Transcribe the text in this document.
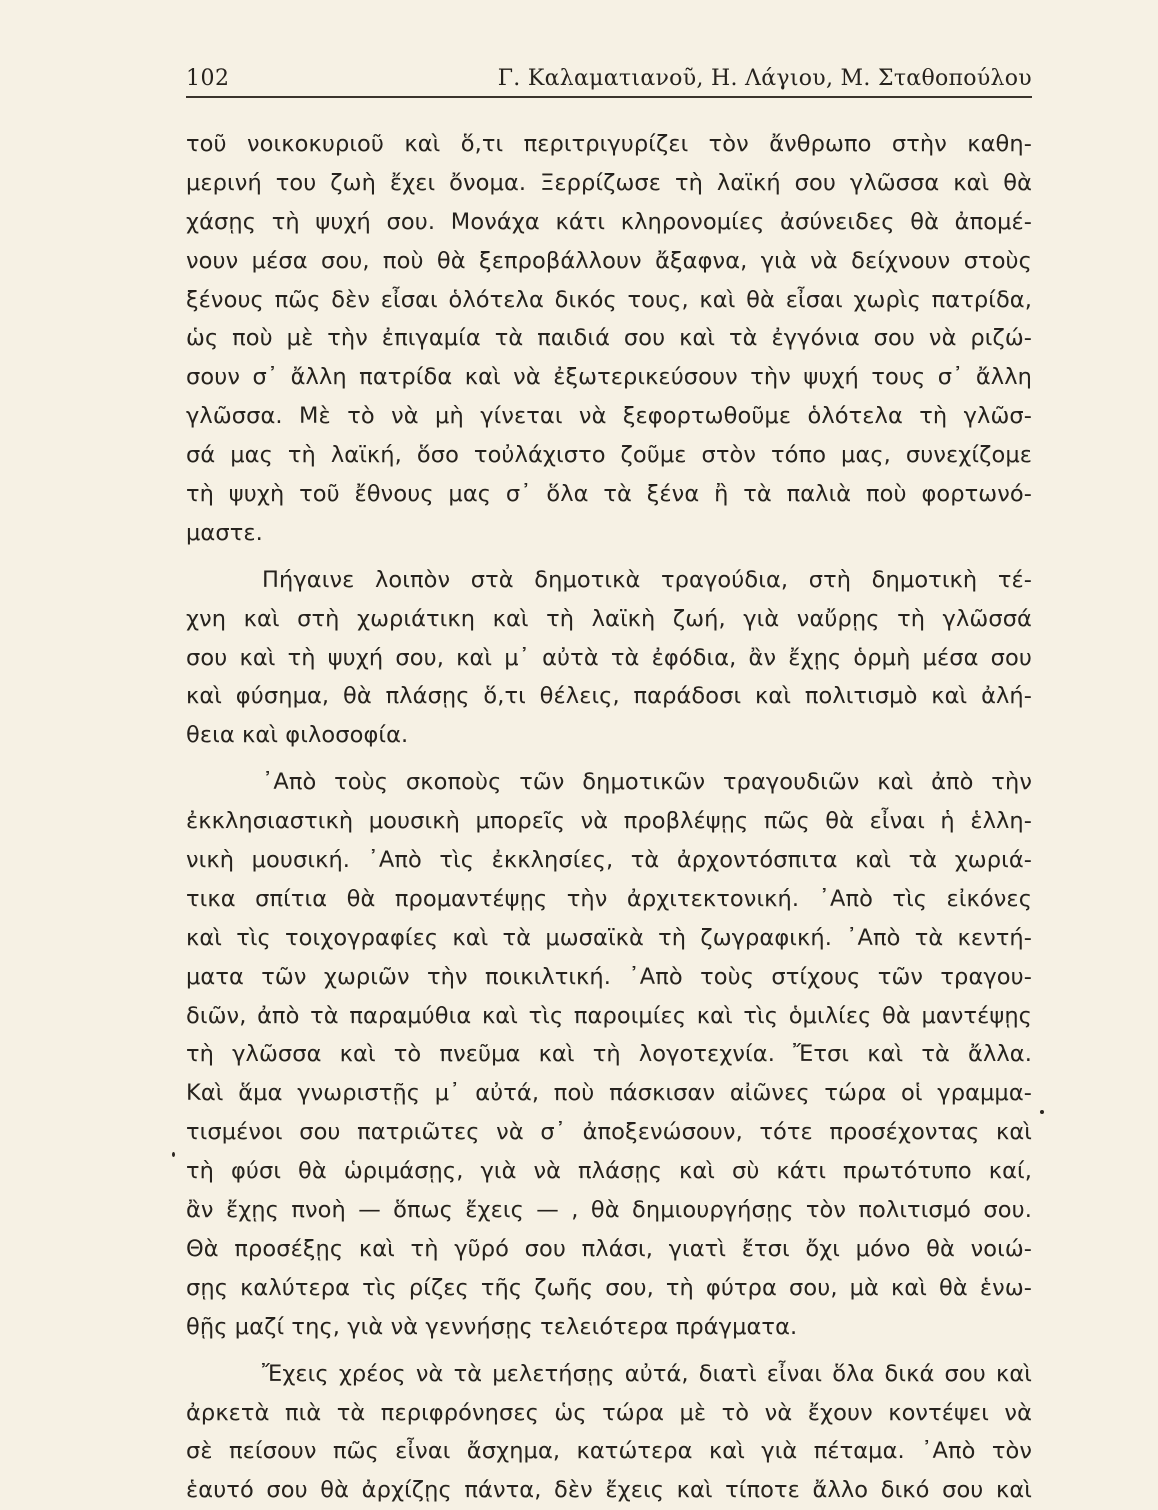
102	Γ. Καλαματιανοῦ, Η. Λάγιου, Μ. Σταθοπούλου
τοῦ νοικοκυριοῦ καὶ ὅ,τι περιτριγυρίζει τὸν ἄνθρωπο στὴν καθη-
μερινή του ζωὴ ἔχει ὄνομα. Ξερρίζωσε τὴ λαϊκή σου γλῶσσα καὶ θὰ
χάσῃς τὴ ψυχή σου. Μονάχα κάτι κληρονομίες ἀσύνειδες θὰ ἀπομέ-
νουν μέσα σου, ποὺ θὰ ξεπροβάλλουν ἄξαφνα, γιὰ νὰ δείχνουν στοὺς
ξένους πῶς δὲν εἶσαι ὁλότελα δικός τους, καὶ θὰ εἶσαι χωρὶς πατρίδα,
ὡς ποὺ μὲ τὴν ἐπιγαμία τὰ παιδιά σου καὶ τὰ ἐγγόνια σου νὰ ριζώ-
σουν σ᾿ ἄλλη πατρίδα καὶ νὰ ἐξωτερικεύσουν τὴν ψυχή τους σ᾿ ἄλλη
γλῶσσα. Μὲ τὸ νὰ μὴ γίνεται νὰ ξεφορτωθοῦμε ὁλότελα τὴ γλῶσ-
σά μας τὴ λαϊκή, ὅσο τοὐλάχιστο ζοῦμε στὸν τόπο μας, συνεχίζομε
τὴ ψυχὴ τοῦ ἔθνους μας σ᾿ ὅλα τὰ ξένα ἢ τὰ παλιὰ ποὺ φορτωνό-
μαστε.
Πήγαινε λοιπὸν στὰ δημοτικὰ τραγούδια, στὴ δημοτικὴ τέ-
χνη καὶ στὴ χωριάτικη καὶ τὴ λαϊκὴ ζωή, γιὰ ναὔρῃς τὴ γλῶσσά
σου καὶ τὴ ψυχή σου, καὶ μ᾿ αὐτὰ τὰ ἐφόδια, ἂν ἔχῃς ὁρμὴ μέσα σου
καὶ φύσημα, θὰ πλάσῃς ὅ,τι θέλεις, παράδοσι καὶ πολιτισμὸ καὶ ἀλή-
θεια καὶ φιλοσοφία.
᾿Απὸ τοὺς σκοποὺς τῶν δημοτικῶν τραγουδιῶν καὶ ἀπὸ τὴν
ἐκκλησιαστικὴ μουσικὴ μπορεῖς νὰ προβλέψῃς πῶς θὰ εἶναι ἡ ἑλλη-
νικὴ μουσική. ᾿Απὸ τὶς ἐκκλησίες, τὰ ἀρχοντόσπιτα καὶ τὰ χωριά-
τικα σπίτια θὰ προμαντέψῃς τὴν ἀρχιτεκτονική. ᾿Απὸ τὶς εἰκόνες
καὶ τὶς τοιχογραφίες καὶ τὰ μωσαϊκὰ τὴ ζωγραφική. ᾿Απὸ τὰ κεντή-
ματα τῶν χωριῶν τὴν ποικιλτική. ᾿Απὸ τοὺς στίχους τῶν τραγου-
διῶν, ἀπὸ τὰ παραμύθια καὶ τὶς παροιμίες καὶ τὶς ὁμιλίες θὰ μαντέψῃς
τὴ γλῶσσα καὶ τὸ πνεῦμα καὶ τὴ λογοτεχνία. Ἔτσι καὶ τὰ ἄλλα.
Καὶ ἅμα γνωριστῇς μ᾿ αὐτά, ποὺ πάσκισαν αἰῶνες τώρα οἱ γραμμα-
τισμένοι σου πατριῶτες νὰ σ᾿ ἀποξενώσουν, τότε προσέχοντας καὶ
τὴ φύσι θὰ ὡριμάσῃς, γιὰ νὰ πλάσῃς καὶ σὺ κάτι πρωτότυπο καί,
ἂν ἔχῃς πνοὴ — ὅπως ἔχεις — , θὰ δημιουργήσῃς τὸν πολιτισμό σου.
Θὰ προσέξῃς καὶ τὴ γῦρό σου πλάσι, γιατὶ ἔτσι ὄχι μόνο θὰ νοιώ-
σῃς καλύτερα τὶς ρίζες τῆς ζωῆς σου, τὴ φύτρα σου, μὰ καὶ θὰ ἑνω-
θῇς μαζί της, γιὰ νὰ γεννήσῃς τελειότερα πράγματα.
Ἔχεις χρέος νὰ τὰ μελετήσῃς αὐτά, διατὶ εἶναι ὅλα δικά σου καὶ
ἀρκετὰ πιὰ τὰ περιφρόνησες ὡς τώρα μὲ τὸ νὰ ἔχουν κοντέψει νὰ
σὲ πείσουν πῶς εἶναι ἄσχημα, κατώτερα καὶ γιὰ πέταμα. ᾿Απὸ τὸν
ἑαυτό σου θὰ ἀρχίζῃς πάντα, δὲν ἔχεις καὶ τίποτε ἄλλο δικό σου καὶ
